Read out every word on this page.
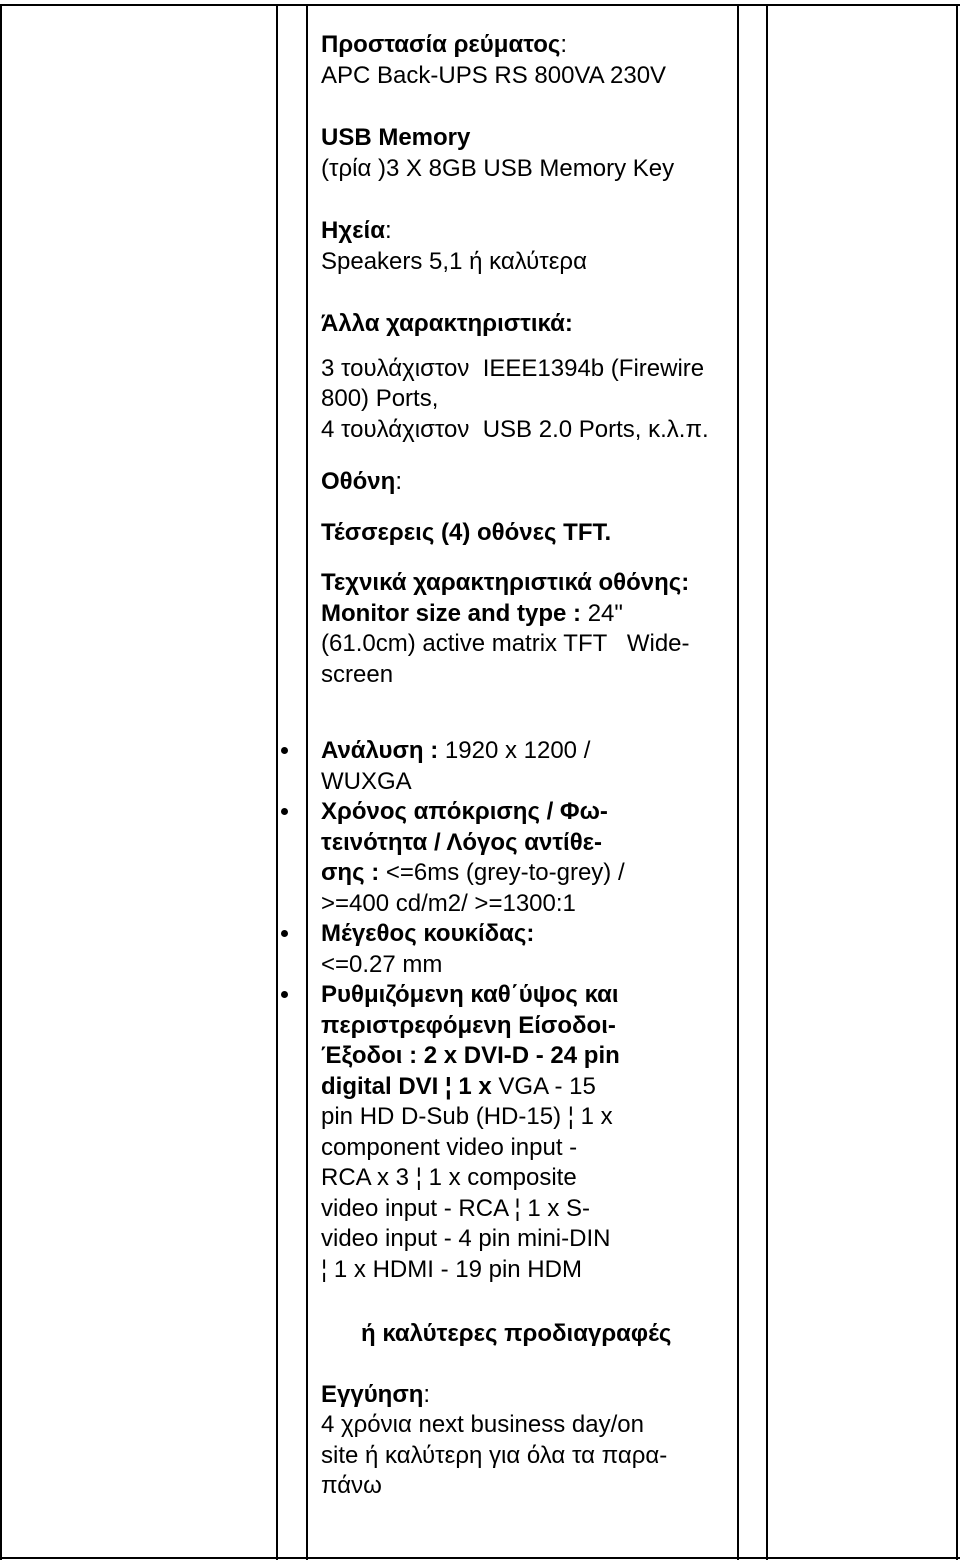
Προστασία ρεύματος:
APC Back-UPS RS 800VA 230V
USB Memory
(τρία )3 X 8GB USB Memory Key
Ηχεία:
Speakers 5,1 ή καλύτερα
Άλλα χαρακτηριστικά:
3 τουλάχιστον  IEEE1394b (Firewire
800) Ports,
4 τουλάχιστον  USB 2.0 Ports, κ.λ.π.
Οθόνη:
Τέσσερεις (4) οθόνες TFT.
Τεχνικά χαρακτηριστικά οθόνης:
Monitor size and type : 24"
(61.0cm) active matrix TFT   Wide-
screen
Ανάλυση : 1920 x 1200 /
WUXGA
Χρόνος απόκρισης / Φω-
τεινότητα / Λόγος αντίθε-
σης : <=6ms (grey-to-grey) /
>=400 cd/m2/ >=1300:1
Μέγεθος κουκίδας:
<=0.27 mm
Ρυθμιζόμενη καθ΄ύψος και
περιστρεφόμενη Είσοδοι-
Έξοδοι : 2 x DVI-D - 24 pin
digital DVI ¦ 1 x VGA - 15
pin HD D-Sub (HD-15) ¦ 1 x
component video input -
RCA x 3 ¦ 1 x composite
video input - RCA ¦ 1 x S-
video input - 4 pin mini-DIN
¦ 1 x HDMI - 19 pin HDM
ή καλύτερες προδιαγραφές
Εγγύηση:
4 χρόνια next business day/on
site ή καλύτερη για όλα τα παρα-
πάνω
